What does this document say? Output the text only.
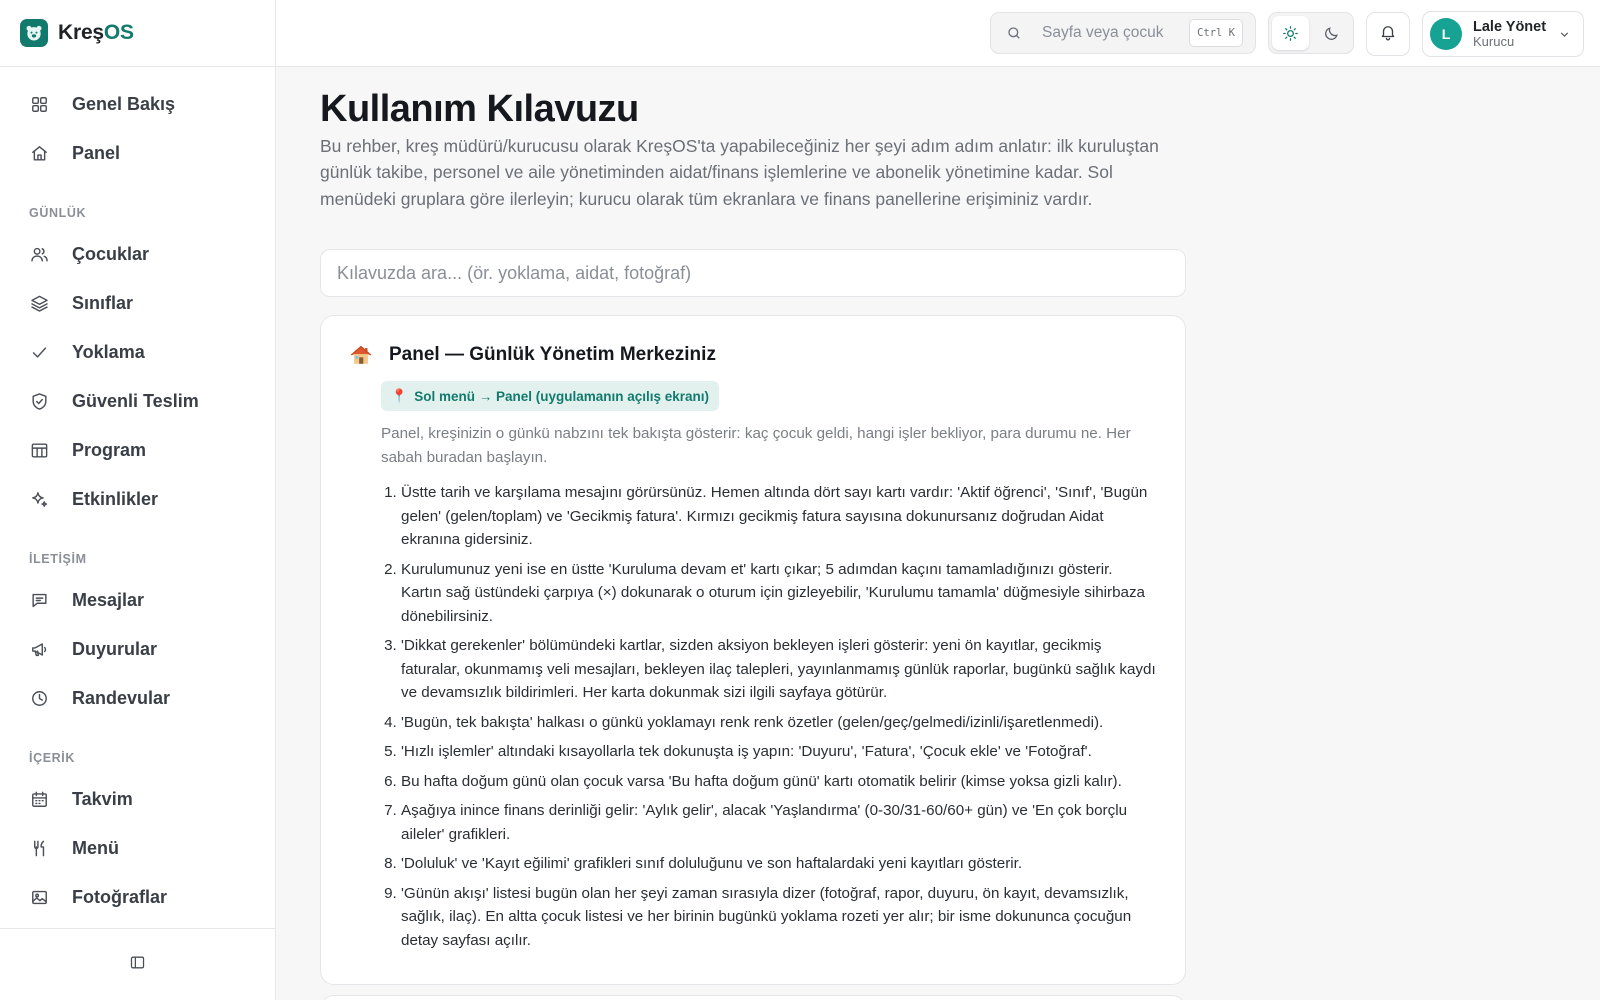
KreşOS
Genel Bakış
Panel
GÜNLÜK
Çocuklar
Sınıflar
Yoklama
Güvenli Teslim
Program
Etkinlikler
İLETİŞİM
Mesajlar
Duyurular
Randevular
İÇERİK
Takvim
Menü
Fotoğraflar
Sayfa veya çocuk
Ctrl K	L	Lale Yönet
Kurucu
Kullanım Kılavuzu

Bu rehber, kreş müdürü/kurucusu olarak KreşOS'ta yapabileceğiniz her şeyi adım adım anlatır: ilk kuruluştan günlük takibe, personel ve aile yönetiminden aidat/finans işlemlerine ve abonelik yönetimine kadar. Sol menüdeki gruplara göre ilerleyin; kurucu olarak tüm ekranlara ve finans panellerine erişiminiz vardır.

Kılavuzda ara... (ör. yoklama, aidat, fotoğraf)
Panel — Günlük Yönetim Merkeziniz
📍 Sol menü → Panel (uygulamanın açılış ekranı)

Panel, kreşinizin o günkü nabzını tek bakışta gösterir: kaç çocuk geldi, hangi işler bekliyor, para durumu ne. Her sabah buradan başlayın.

1. Üstte tarih ve karşılama mesajını görürsünüz. Hemen altında dört sayı kartı vardır: 'Aktif öğrenci', 'Sınıf', 'Bugün gelen' (gelen/toplam) ve 'Gecikmiş fatura'. Kırmızı gecikmiş fatura sayısına dokunursanız doğrudan Aidat ekranına gidersiniz.
2. Kurulumunuz yeni ise en üstte 'Kuruluma devam et' kartı çıkar; 5 adımdan kaçını tamamladığınızı gösterir. Kartın sağ üstündeki çarpıya (×) dokunarak o oturum için gizleyebilir, 'Kurulumu tamamla' düğmesiyle sihirbaza dönebilirsiniz.
3. 'Dikkat gerekenler' bölümündeki kartlar, sizden aksiyon bekleyen işleri gösterir: yeni ön kayıtlar, gecikmiş faturalar, okunmamış veli mesajları, bekleyen ilaç talepleri, yayınlanmamış günlük raporlar, bugünkü sağlık kaydı ve devamsızlık bildirimleri. Her karta dokunmak sizi ilgili sayfaya götürür.
4. 'Bugün, tek bakışta' halkası o günkü yoklamayı renk renk özetler (gelen/geç/gelmedi/izinli/işaretlenmedi).
5. 'Hızlı işlemler' altındaki kısayollarla tek dokunuşta iş yapın: 'Duyuru', 'Fatura', 'Çocuk ekle' ve 'Fotoğraf'.
6. Bu hafta doğum günü olan çocuk varsa 'Bu hafta doğum günü' kartı otomatik belirir (kimse yoksa gizli kalır).
7. Aşağıya inince finans derinliği gelir: 'Aylık gelir', alacak 'Yaşlandırma' (0-30/31-60/60+ gün) ve 'En çok borçlu aileler' grafikleri.
8. 'Doluluk' ve 'Kayıt eğilimi' grafikleri sınıf doluluğunu ve son haftalardaki yeni kayıtları gösterir.
9. 'Günün akışı' listesi bugün olan her şeyi zaman sırasıyla dizer (fotoğraf, rapor, duyuru, ön kayıt, devamsızlık, sağlık, ilaç). En altta çocuk listesi ve her birinin bugünkü yoklama rozeti yer alır; bir isme dokununca çocuğun detay sayfası açılır.
